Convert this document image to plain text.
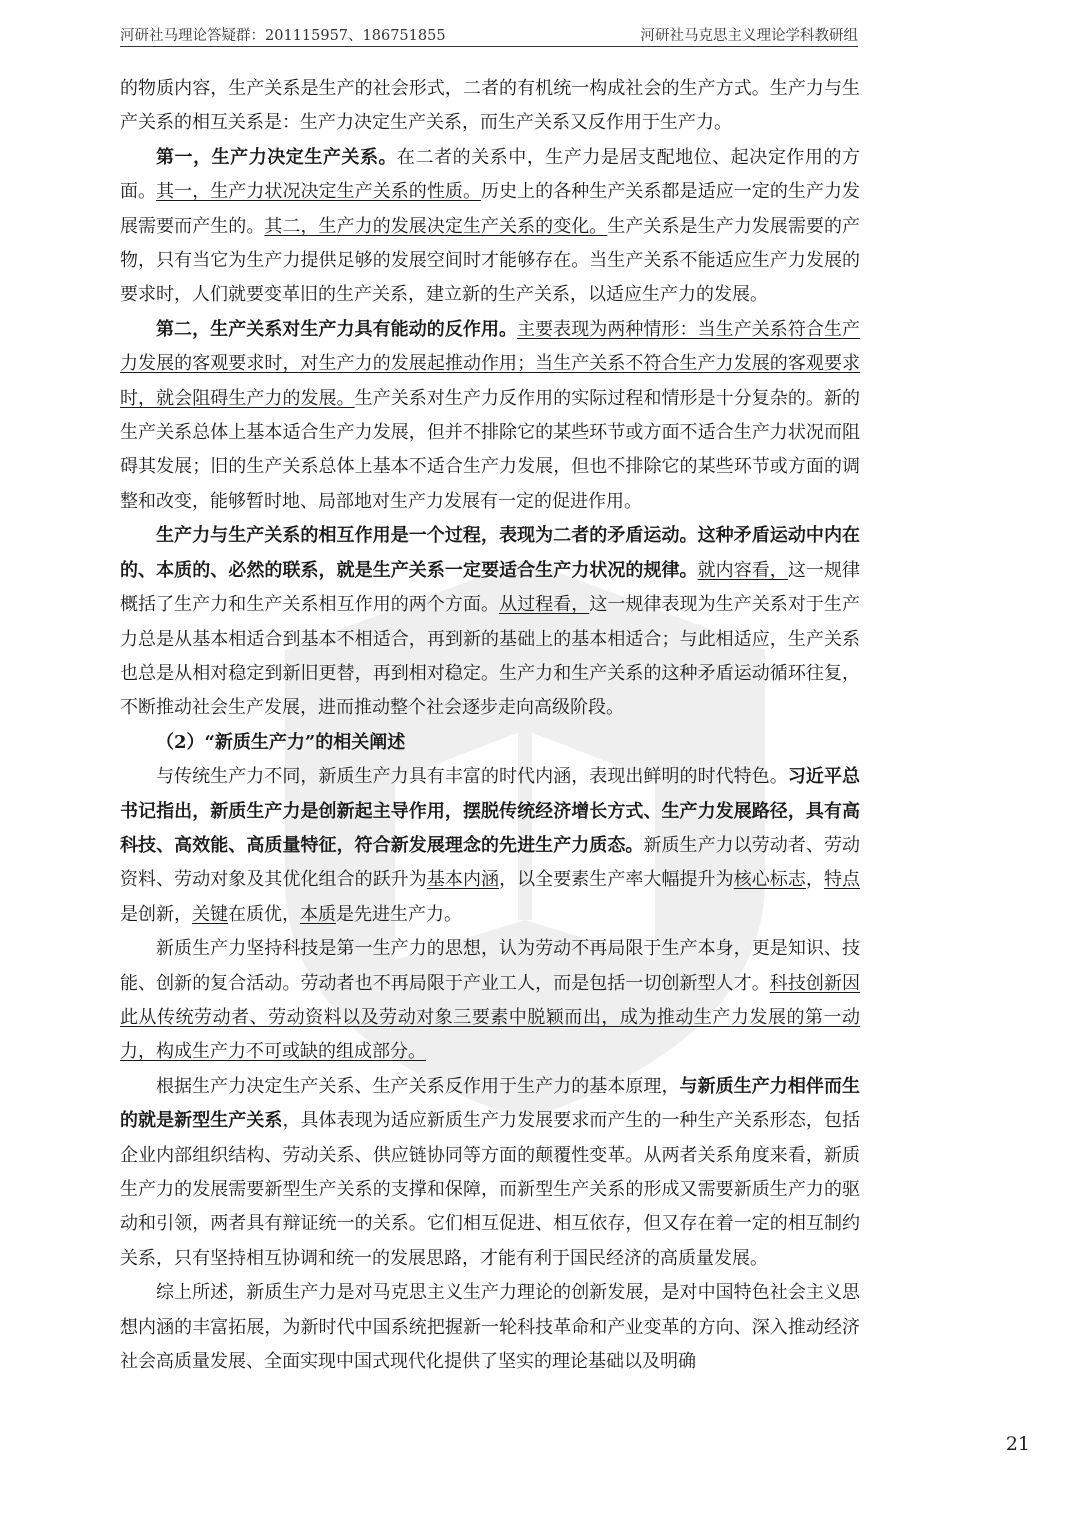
河研社马理论答疑群：201115957、186751855	河研社马克思主义理论学科教研组

的物质内容，生产关系是生产的社会形式，二者的有机统一构成社会的生产方式。生产力与生产关系的相互关系是：生产力决定生产关系，而生产关系又反作用于生产力。

第一，生产力决定生产关系。在二者的关系中，生产力是居支配地位、起决定作用的方面。其一，生产力状况决定生产关系的性质。历史上的各种生产关系都是适应一定的生产力发展需要而产生的。其二，生产力的发展决定生产关系的变化。生产关系是生产力发展需要的产物，只有当它为生产力提供足够的发展空间时才能够存在。当生产关系不能适应生产力发展的要求时，人们就要变革旧的生产关系，建立新的生产关系，以适应生产力的发展。

第二，生产关系对生产力具有能动的反作用。主要表现为两种情形：当生产关系符合生产力发展的客观要求时，对生产力的发展起推动作用；当生产关系不符合生产力发展的客观要求时，就会阻碍生产力的发展。生产关系对生产力反作用的实际过程和情形是十分复杂的。新的生产关系总体上基本适合生产力发展，但并不排除它的某些环节或方面不适合生产力状况而阻碍其发展；旧的生产关系总体上基本不适合生产力发展，但也不排除它的某些环节或方面的调整和改变，能够暂时地、局部地对生产力发展有一定的促进作用。

生产力与生产关系的相互作用是一个过程，表现为二者的矛盾运动。这种矛盾运动中内在的、本质的、必然的联系，就是生产关系一定要适合生产力状况的规律。就内容看，这一规律概括了生产力和生产关系相互作用的两个方面。从过程看，这一规律表现为生产关系对于生产力总是从基本相适合到基本不相适合，再到新的基础上的基本相适合；与此相适应，生产关系也总是从相对稳定到新旧更替，再到相对稳定。生产力和生产关系的这种矛盾运动循环往复，不断推动社会生产发展，进而推动整个社会逐步走向高级阶段。

（2）“新质生产力”的相关阐述

与传统生产力不同，新质生产力具有丰富的时代内涵，表现出鲜明的时代特色。习近平总书记指出，新质生产力是创新起主导作用，摆脱传统经济增长方式、生产力发展路径，具有高科技、高效能、高质量特征，符合新发展理念的先进生产力质态。新质生产力以劳动者、劳动资料、劳动对象及其优化组合的跃升为基本内涵，以全要素生产率大幅提升为核心标志，特点是创新，关键在质优，本质是先进生产力。

新质生产力坚持科技是第一生产力的思想，认为劳动不再局限于生产本身，更是知识、技能、创新的复合活动。劳动者也不再局限于产业工人，而是包括一切创新型人才。科技创新因此从传统劳动者、劳动资料以及劳动对象三要素中脱颖而出，成为推动生产力发展的第一动力，构成生产力不可或缺的组成部分。

根据生产力决定生产关系、生产关系反作用于生产力的基本原理，与新质生产力相伴而生的就是新型生产关系，具体表现为适应新质生产力发展要求而产生的一种生产关系形态，包括企业内部组织结构、劳动关系、供应链协同等方面的颠覆性变革。从两者关系角度来看，新质生产力的发展需要新型生产关系的支撑和保障，而新型生产关系的形成又需要新质生产力的驱动和引领，两者具有辩证统一的关系。它们相互促进、相互依存，但又存在着一定的相互制约关系，只有坚持相互协调和统一的发展思路，才能有利于国民经济的高质量发展。

综上所述，新质生产力是对马克思主义生产力理论的创新发展，是对中国特色社会主义思想内涵的丰富拓展，为新时代中国系统把握新一轮科技革命和产业变革的方向、深入推动经济社会高质量发展、全面实现中国式现代化提供了坚实的理论基础以及明确

21
